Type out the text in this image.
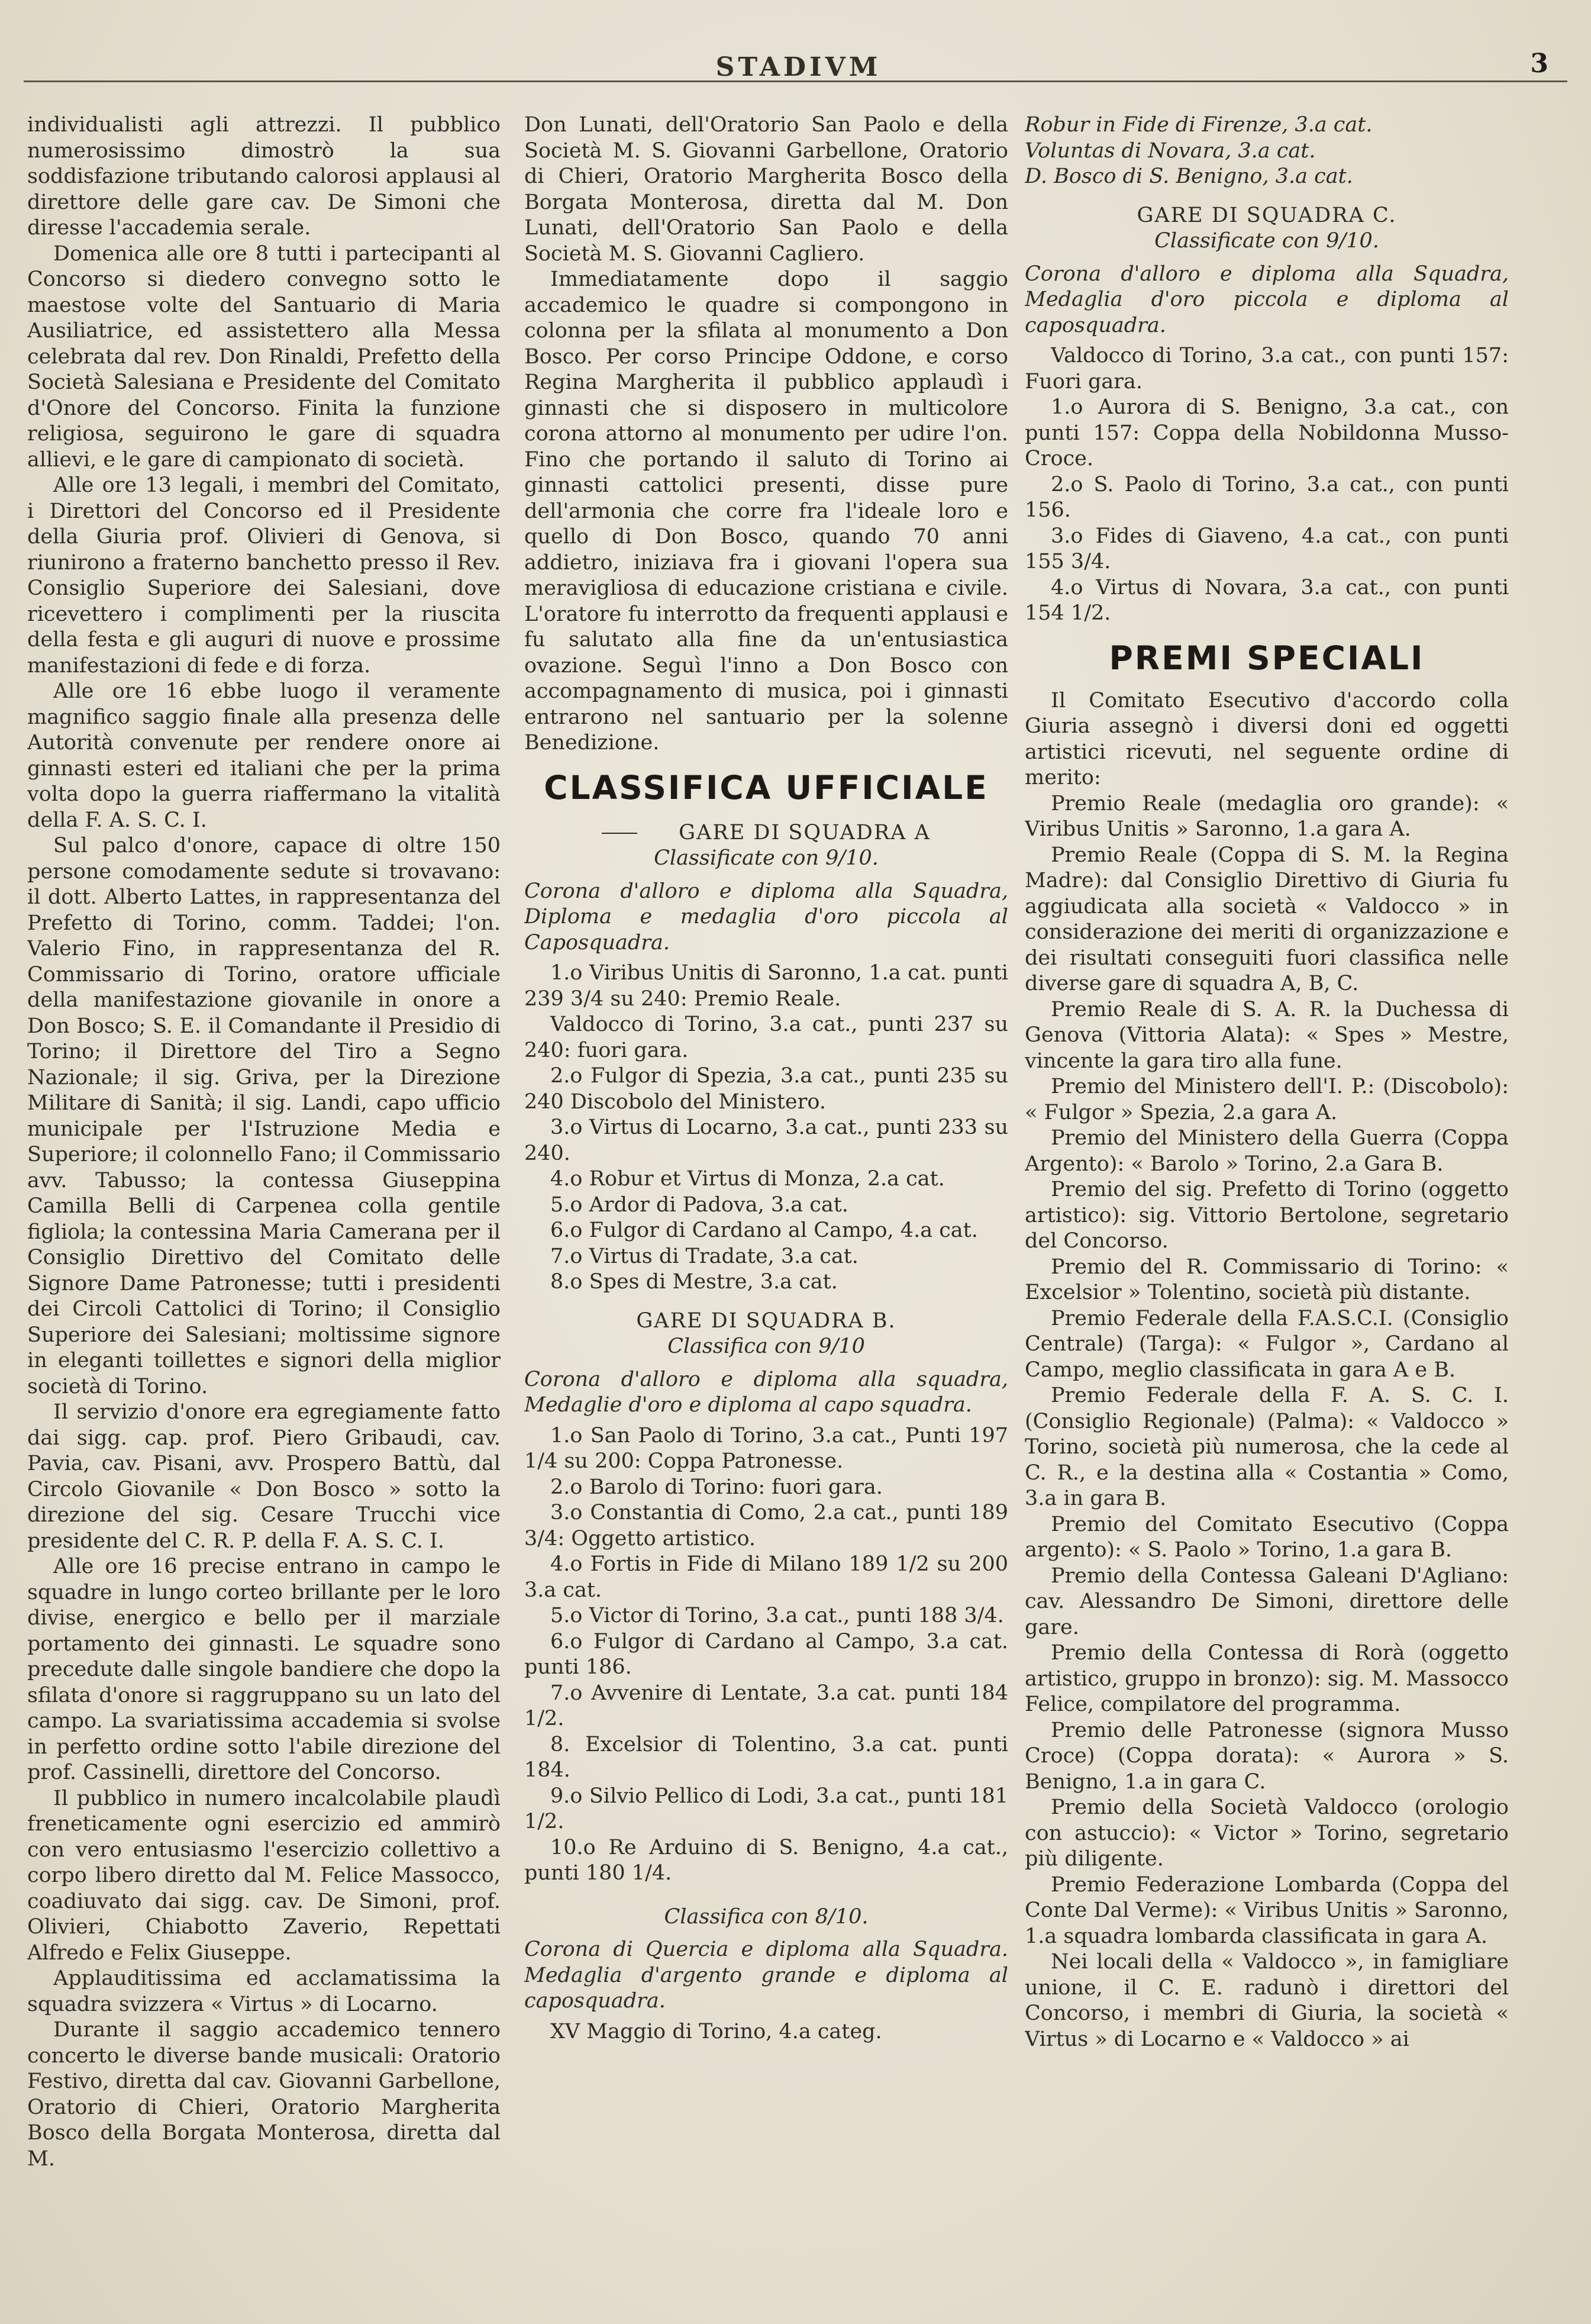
STADIVM	3

individualisti agli attrezzi. Il pubblico numerosissimo dimostrò la sua soddisfazione tributando calorosi applausi al direttore delle gare cav. De Simoni che diresse l'accademia serale.

Domenica alle ore 8 tutti i partecipanti al Concorso si diedero convegno sotto le maestose volte del Santuario di Maria Ausiliatrice, ed assistettero alla Messa celebrata dal rev. Don Rinaldi, Prefetto della Società Salesiana e Presidente del Comitato d'Onore del Concorso. Finita la funzione religiosa, seguirono le gare di squadra allievi, e le gare di campionato di società.

Alle ore 13 legali, i membri del Comitato, i Direttori del Concorso ed il Presidente della Giuria prof. Olivieri di Genova, si riunirono a fraterno banchetto presso il Rev. Consiglio Superiore dei Salesiani, dove ricevettero i complimenti per la riuscita della festa e gli auguri di nuove e prossime manifestazioni di fede e di forza.

Alle ore 16 ebbe luogo il veramente magnifico saggio finale alla presenza delle Autorità convenute per rendere onore ai ginnasti esteri ed italiani che per la prima volta dopo la guerra riaffermano la vitalità della F. A. S. C. I.

Sul palco d'onore, capace di oltre 150 persone comodamente sedute si trovavano: il dott. Alberto Lattes, in rappresentanza del Prefetto di Torino, comm. Taddei; l'on. Valerio Fino, in rappresentanza del R. Commissario di Torino, oratore ufficiale della manifestazione giovanile in onore a Don Bosco; S. E. il Comandante il Presidio di Torino; il Direttore del Tiro a Segno Nazionale; il sig. Griva, per la Direzione Militare di Sanità; il sig. Landi, capo ufficio municipale per l'Istruzione Media e Superiore; il colonnello Fano; il Commissario avv. Tabusso; la contessa Giuseppina Camilla Belli di Carpenea colla gentile figliola; la contessina Maria Camerana per il Consiglio Direttivo del Comitato delle Signore Dame Patronesse; tutti i presidenti dei Circoli Cattolici di Torino; il Consiglio Superiore dei Salesiani; moltissime signore in eleganti toillettes e signori della miglior società di Torino.

Il servizio d'onore era egregiamente fatto dai sigg. cap. prof. Piero Gribaudi, cav. Pavia, cav. Pisani, avv. Prospero Battù, dal Circolo Giovanile « Don Bosco » sotto la direzione del sig. Cesare Trucchi vice presidente del C. R. P. della F. A. S. C. I.

Alle ore 16 precise entrano in campo le squadre in lungo corteo brillante per le loro divise, energico e bello per il marziale portamento dei ginnasti. Le squadre sono precedute dalle singole bandiere che dopo la sfilata d'onore si raggruppano su un lato del campo. La svariatissima accademia si svolse in perfetto ordine sotto l'abile direzione del prof. Cassinelli, direttore del Concorso.

Il pubblico in numero incalcolabile plaudì freneticamente ogni esercizio ed ammirò con vero entusiasmo l'esercizio collettivo a corpo libero diretto dal M. Felice Massocco, coadiuvato dai sigg. cav. De Simoni, prof. Olivieri, Chiabotto Zaverio, Repettati Alfredo e Felix Giuseppe.

Applauditissima ed acclamatissima la squadra svizzera « Virtus » di Locarno.

Durante il saggio accademico tennero concerto le diverse bande musicali: Oratorio Festivo, diretta dal cav. Giovanni Garbellone, Oratorio di Chieri, Oratorio Margherita Bosco della Borgata Monterosa, diretta dal M.

Don Lunati, dell'Oratorio San Paolo e della Società M. S. Giovanni Garbellone, Oratorio di Chieri, Oratorio Margherita Bosco della Borgata Monterosa, diretta dal M. Don Lunati, dell'Oratorio San Paolo e della Società M. S. Giovanni Cagliero.

Immediatamente dopo il saggio accademico le quadre si compongono in colonna per la sfilata al monumento a Don Bosco. Per corso Principe Oddone, e corso Regina Margherita il pubblico applaudì i ginnasti che si disposero in multicolore corona attorno al monumento per udire l'on. Fino che portando il saluto di Torino ai ginnasti cattolici presenti, disse pure dell'armonia che corre fra l'ideale loro e quello di Don Bosco, quando 70 anni addietro, iniziava fra i giovani l'opera sua meravigliosa di educazione cristiana e civile. L'oratore fu interrotto da frequenti applausi e fu salutato alla fine da un'entusiastica ovazione. Seguì l'inno a Don Bosco con accompagnamento di musica, poi i ginnasti entrarono nel santuario per la solenne Benedizione.

CLASSIFICA UFFICIALE
GARE DI SQUADRA A
Classificate con 9/10.

Corona d'alloro e diploma alla Squadra, Diploma e medaglia d'oro piccola al Caposquadra.

1.o Viribus Unitis di Saronno, 1.a cat. punti 239 3/4 su 240: Premio Reale.

Valdocco di Torino, 3.a cat., punti 237 su 240: fuori gara.

2.o Fulgor di Spezia, 3.a cat., punti 235 su 240 Discobolo del Ministero.

3.o Virtus di Locarno, 3.a cat., punti 233 su 240.

4.o Robur et Virtus di Monza, 2.a cat.

5.o Ardor di Padova, 3.a cat.

6.o Fulgor di Cardano al Campo, 4.a cat.

7.o Virtus di Tradate, 3.a cat.

8.o Spes di Mestre, 3.a cat.

GARE DI SQUADRA B.
Classifica con 9/10

Corona d'alloro e diploma alla squadra, Medaglie d'oro e diploma al capo squadra.

1.o San Paolo di Torino, 3.a cat., Punti 197 1/4 su 200: Coppa Patronesse.

2.o Barolo di Torino: fuori gara.

3.o Constantia di Como, 2.a cat., punti 189 3/4: Oggetto artistico.

4.o Fortis in Fide di Milano 189 1/2 su 200 3.a cat.

5.o Victor di Torino, 3.a cat., punti 188 3/4.

6.o Fulgor di Cardano al Campo, 3.a cat. punti 186.

7.o Avvenire di Lentate, 3.a cat. punti 184 1/2.

8. Excelsior di Tolentino, 3.a cat. punti 184.

9.o Silvio Pellico di Lodi, 3.a cat., punti 181 1/2.

10.o Re Arduino di S. Benigno, 4.a cat., punti 180 1/4.

Classifica con 8/10.

Corona di Quercia e diploma alla Squadra. Medaglia d'argento grande e diploma al caposquadra.

XV Maggio di Torino, 4.a categ.

Robur in Fide di Firenze, 3.a cat.

Voluntas di Novara, 3.a cat.

D. Bosco di S. Benigno, 3.a cat.

GARE DI SQUADRA C.
Classificate con 9/10.

Corona d'alloro e diploma alla Squadra, Medaglia d'oro piccola e diploma al caposquadra.

Valdocco di Torino, 3.a cat., con punti 157: Fuori gara.

1.o Aurora di S. Benigno, 3.a cat., con punti 157: Coppa della Nobildonna Musso-Croce.

2.o S. Paolo di Torino, 3.a cat., con punti 156.

3.o Fides di Giaveno, 4.a cat., con punti 155 3/4.

4.o Virtus di Novara, 3.a cat., con punti 154 1/2.

PREMI SPECIALI

Il Comitato Esecutivo d'accordo colla Giuria assegnò i diversi doni ed oggetti artistici ricevuti, nel seguente ordine di merito:

Premio Reale (medaglia oro grande): « Viribus Unitis » Saronno, 1.a gara A.

Premio Reale (Coppa di S. M. la Regina Madre): dal Consiglio Direttivo di Giuria fu aggiudicata alla società « Valdocco » in considerazione dei meriti di organizzazione e dei risultati conseguiti fuori classifica nelle diverse gare di squadra A, B, C.

Premio Reale di S. A. R. la Duchessa di Genova (Vittoria Alata): « Spes » Mestre, vincente la gara tiro alla fune.

Premio del Ministero dell'I. P.: (Discobolo): « Fulgor » Spezia, 2.a gara A.

Premio del Ministero della Guerra (Coppa Argento): « Barolo » Torino, 2.a Gara B.

Premio del sig. Prefetto di Torino (oggetto artistico): sig. Vittorio Bertolone, segretario del Concorso.

Premio del R. Commissario di Torino: « Excelsior » Tolentino, società più distante.

Premio Federale della F.A.S.C.I. (Consiglio Centrale) (Targa): « Fulgor », Cardano al Campo, meglio classificata in gara A e B.

Premio Federale della F. A. S. C. I. (Consiglio Regionale) (Palma): « Valdocco » Torino, società più numerosa, che la cede al C. R., e la destina alla « Costantia » Como, 3.a in gara B.

Premio del Comitato Esecutivo (Coppa argento): « S. Paolo » Torino, 1.a gara B.

Premio della Contessa Galeani D'Agliano: cav. Alessandro De Simoni, direttore delle gare.

Premio della Contessa di Rorà (oggetto artistico, gruppo in bronzo): sig. M. Massocco Felice, compilatore del programma.

Premio delle Patronesse (signora Musso Croce) (Coppa dorata): « Aurora » S. Benigno, 1.a in gara C.

Premio della Società Valdocco (orologio con astuccio): « Victor » Torino, segretario più diligente.

Premio Federazione Lombarda (Coppa del Conte Dal Verme): « Viribus Unitis » Saronno, 1.a squadra lombarda classificata in gara A.

Nei locali della « Valdocco », in famigliare unione, il C. E. radunò i direttori del Concorso, i membri di Giuria, la società « Virtus » di Locarno e « Valdocco » ai
